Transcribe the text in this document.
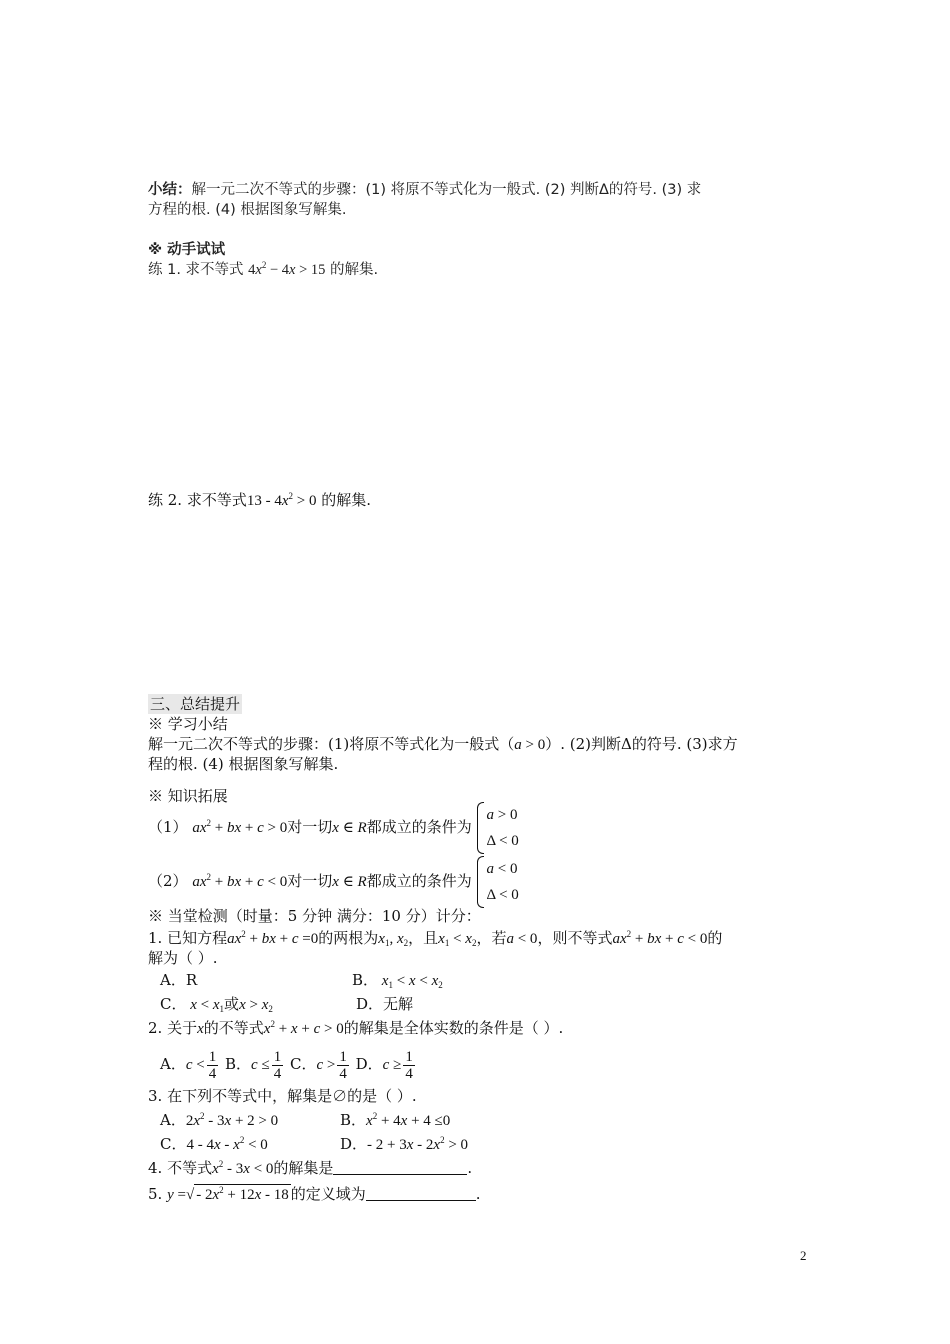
小结：解一元二次不等式的步骤：(1) 将原不等式化为一般式. (2) 判断Δ的符号. (3) 求
方程的根. (4) 根据图象写解集.
※ 动手试试
练 1. 求不等式 $4x^2 - 4x > 15$ 的解集.
练 2. 求不等式$13 - 4x^2 > 0$ 的解集.
三、总结提升
※ 学习小结
解一元二次不等式的步骤：(1)将原不等式化为一般式（a > 0）. (2)判断Δ的符号. (3)求方
程的根. (4) 根据图象写解集.
※ 知识拓展
（1） $ax^2$ + bx + c > 0对一切x ∈ R都成立的条件为
a > 0
Δ < 0
（2） $ax^2$ + bx + c < 0对一切x ∈ R都成立的条件为
a < 0
Δ < 0
※ 当堂检测（时量：5 分钟 满分：10 分）计分：
1. 已知方程$ax^2$ + bx + c =0的两根为$x_1$, $x_2$，且$x_1 < x_2$，若a < 0，则不等式$ax^2$ + bx + c < 0的
解为（ ）.
A．R	B． $x_1 < x < x_2$
C． $x < x_1$或$x > x_2$	D．无解
2. 关于x的不等式$x^2 + x + c > 0$的解集是全体实数的条件是（ ）.
A．$c < \frac{1}{4}$ B．$c \le \frac{1}{4}$ C．$c > \frac{1}{4}$ D．$c \ge \frac{1}{4}$
3. 在下列不等式中，解集是∅的是（ ）.
A．$2x^2 - 3x + 2 > 0$	B．$x^2 + 4x + 4 \le 0$
C．$4 - 4x - x^2 < 0$	D．- $2 + 3x - 2x^2 > 0$
4. 不等式$x^2 - 3x < 0$的解集是	.
5. y =√ - $2x^2 + 12x - 18$ 的定义域为	.
2
